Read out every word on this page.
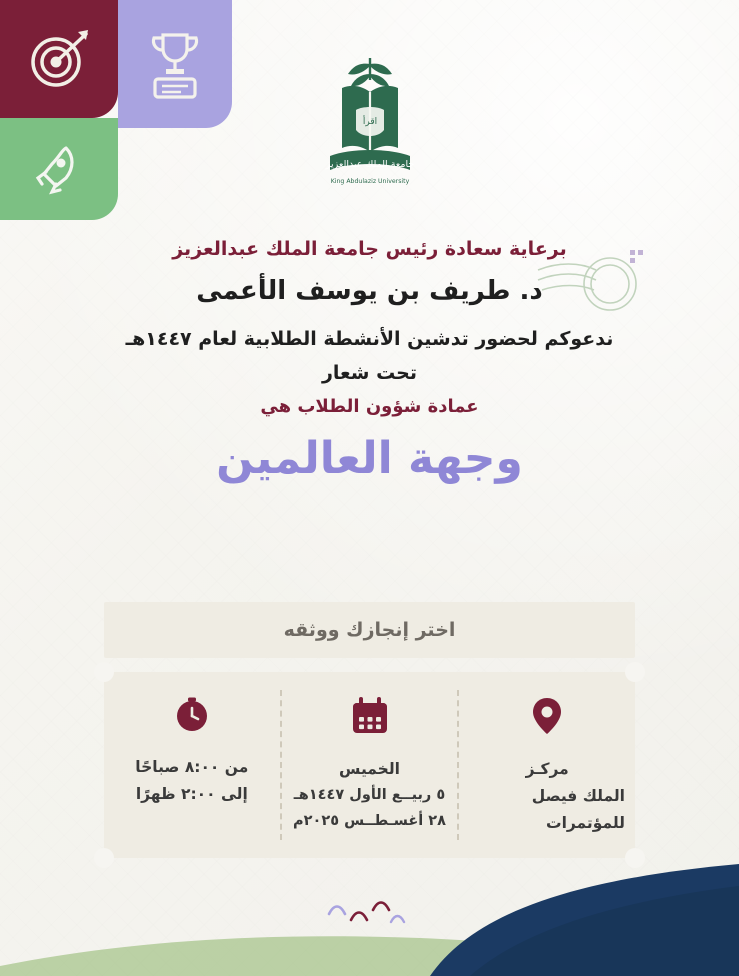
اقرأ
جامعة الملك عبدالعزيز
King Abdulaziz University
برعاية سعادة رئيس جامعة الملك عبدالعزيز
د. طريف بن يوسف الأعمى
ندعوكم لحضور تدشين الأنشطة الطلابية لعام ١٤٤٧هـ
تحت شعار
عمادة شؤون الطلاب هي
وجهة العالمين
اختر إنجازك ووثقه
مركـز
الملك فيصل للمؤتمرات
الخميس
٥ ربيــع الأول ١٤٤٧هـ
٢٨ أغسـطــس ٢٠٢٥م
من ٨:٠٠ صباحًا
إلى ٢:٠٠ ظهرًا
